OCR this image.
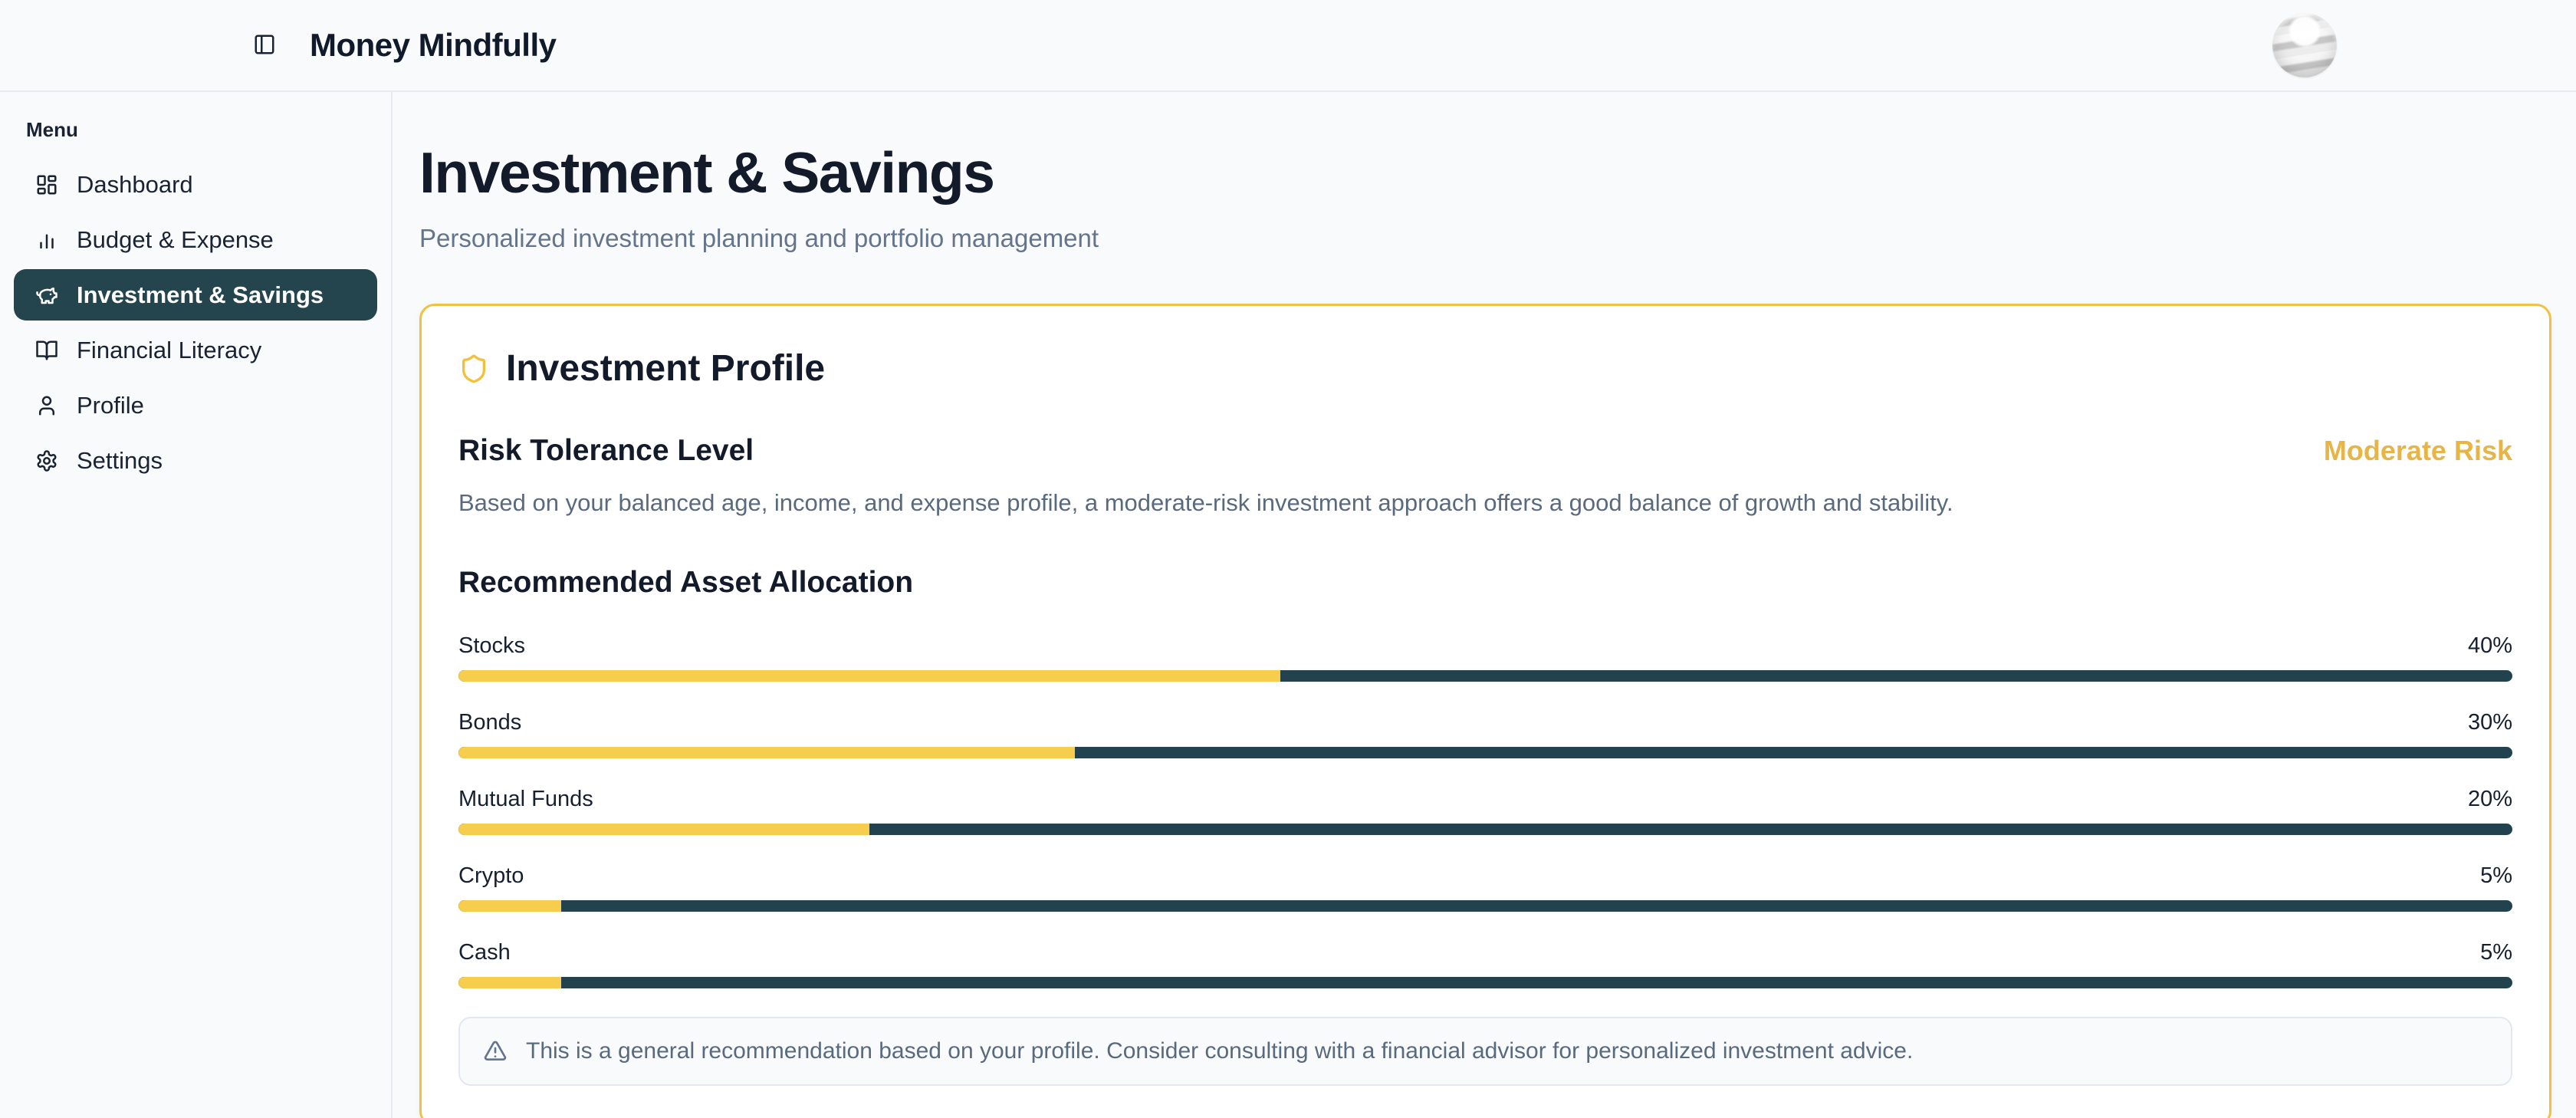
Money Mindfully
Menu
Dashboard
Budget & Expense
Investment & Savings
Financial Literacy
Profile
Settings
Investment & Savings

Personalized investment planning and portfolio management

Investment Profile
Risk Tolerance Level	Moderate Risk

Based on your balanced age, income, and expense profile, a moderate-risk investment approach offers a good balance of growth and stability.

Recommended Asset Allocation
Stocks	40%
Bonds	30%
Mutual Funds	20%
Crypto	5%
Cash	5%
This is a general recommendation based on your profile. Consider consulting with a financial advisor for personalized investment advice.
